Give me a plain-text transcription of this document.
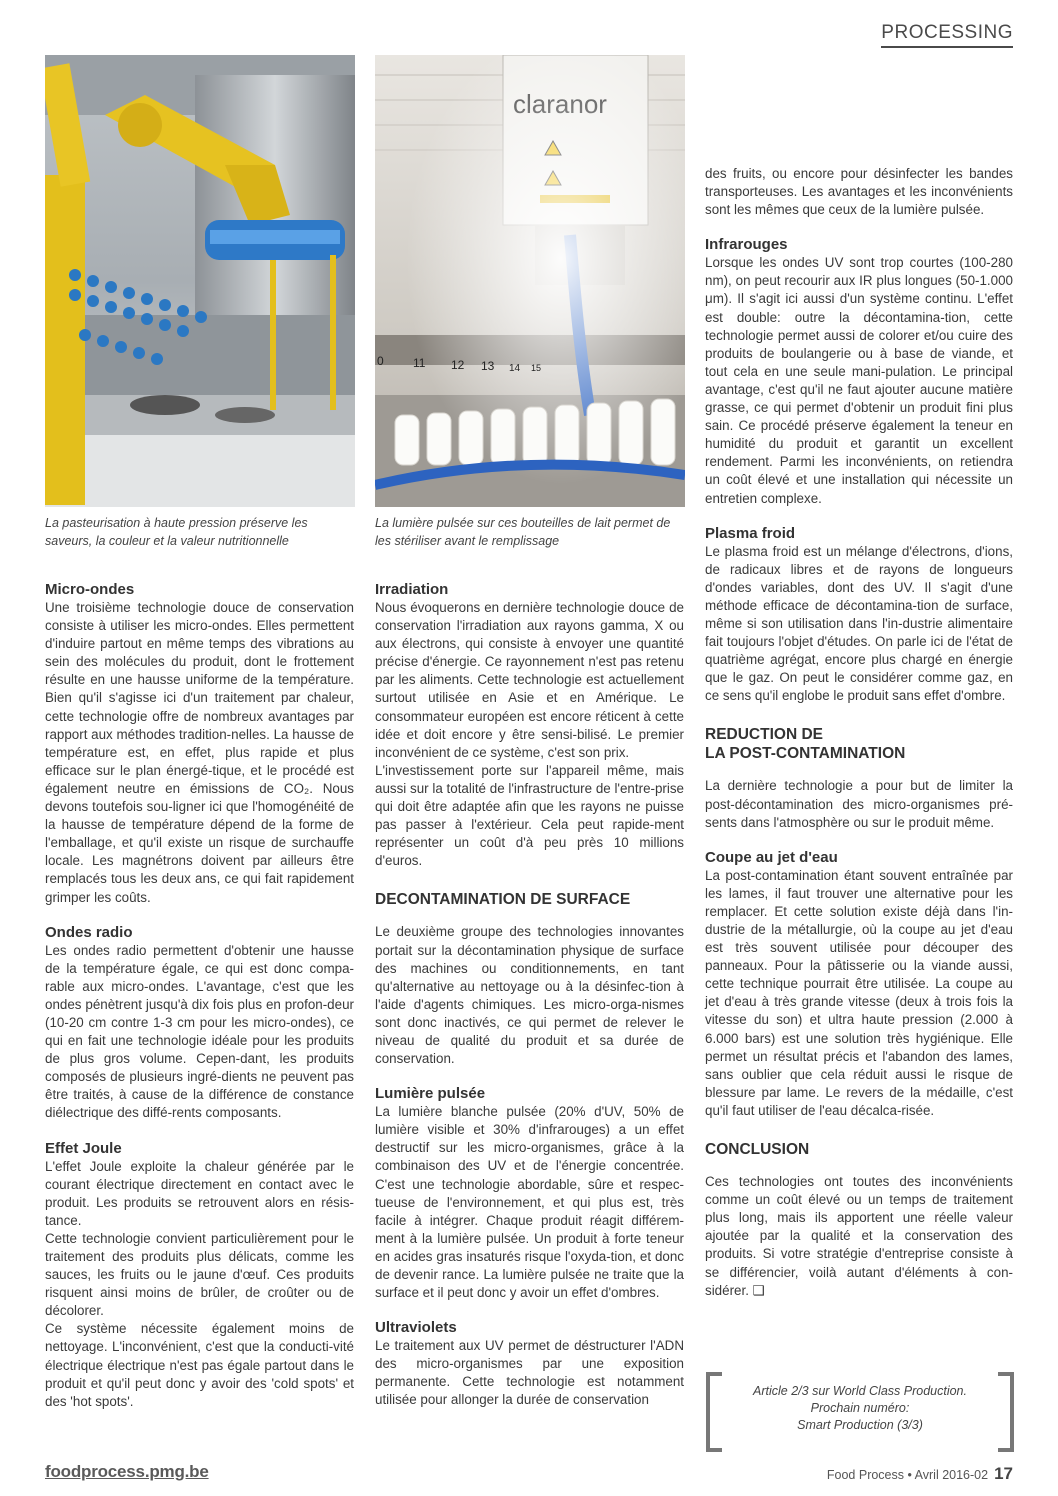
PROCESSING
0 11 12 13 14 15
La pasteurisation à haute pression préserve les saveurs, la couleur et la valeur nutritionnelle
La lumière pulsée sur ces bouteilles de lait permet de les stériliser avant le remplissage
Micro-ondes

Une troisième technologie douce de conservation consiste à utiliser les micro-ondes. Elles permettent d'induire partout en même temps des vibrations au sein des molécules du produit, dont le frottement résulte en une hausse uniforme de la température. Bien qu'il s'agisse ici d'un traitement par chaleur, cette technologie offre de nombreux avantages par rapport aux méthodes tradition-nelles. La hausse de température est, en effet, plus rapide et plus efficace sur le plan énergé-tique, et le procédé est également neutre en émissions de CO₂. Nous devons toutefois sou-ligner ici que l'homogénéité de la hausse de température dépend de la forme de l'emballage, et qu'il existe un risque de surchauffe locale. Les magnétrons doivent par ailleurs être remplacés tous les deux ans, ce qui fait rapidement grimper les coûts.

Ondes radio

Les ondes radio permettent d'obtenir une hausse de la température égale, ce qui est donc compa-rable aux micro-ondes. L'avantage, c'est que les ondes pénètrent jusqu'à dix fois plus en profon-deur (10-20 cm contre 1-3 cm pour les micro-ondes), ce qui en fait une technologie idéale pour les produits de plus gros volume. Cepen-dant, les produits composés de plusieurs ingré-dients ne peuvent pas être traités, à cause de la différence de constance diélectrique des diffé-rents composants.

Effet Joule

L'effet Joule exploite la chaleur générée par le courant électrique directement en contact avec le produit. Les produits se retrouvent alors en résis-tance.

Cette technologie convient particulièrement pour le traitement des produits plus délicats, comme les sauces, les fruits ou le jaune d'œuf. Ces produits risquent ainsi moins de brûler, de croûter ou de décolorer.

Ce système nécessite également moins de nettoyage. L'inconvénient, c'est que la conducti-vité électrique électrique n'est pas égale partout dans le produit et qu'il peut donc y avoir des 'cold spots' et des 'hot spots'.

Irradiation

Nous évoquerons en dernière technologie douce de conservation l'irradiation aux rayons gamma, X ou aux électrons, qui consiste à envoyer une quantité précise d'énergie. Ce rayonnement n'est pas retenu par les aliments. Cette technologie est actuellement surtout utilisée en Asie et en Amérique. Le consommateur européen est encore réticent à cette idée et doit encore y être sensi-bilisé. Le premier inconvénient de ce système, c'est son prix.

L'investissement porte sur l'appareil même, mais aussi sur la totalité de l'infrastructure de l'entre-prise qui doit être adaptée afin que les rayons ne puisse pas passer à l'extérieur. Cela peut rapide-ment représenter un coût d'à peu près 10 millions d'euros.

DECONTAMINATION DE SURFACE

Le deuxième groupe des technologies innovantes portait sur la décontamination physique de surface des machines ou conditionnements, en tant qu'alternative au nettoyage ou à la désinfec-tion à l'aide d'agents chimiques. Les micro-orga-nismes sont donc inactivés, ce qui permet de relever le niveau de qualité du produit et sa durée de conservation.

Lumière pulsée

La lumière blanche pulsée (20% d'UV, 50% de lumière visible et 30% d'infrarouges) a un effet destructif sur les micro-organismes, grâce à la combinaison des UV et de l'énergie concentrée. C'est une technologie abordable, sûre et respec-tueuse de l'environnement, et qui plus est, très facile à intégrer. Chaque produit réagit différem-ment à la lumière pulsée. Un produit à forte teneur en acides gras insaturés risque l'oxyda-tion, et donc de devenir rance. La lumière pulsée ne traite que la surface et il peut donc y avoir un effet d'ombres.

Ultraviolets

Le traitement aux UV permet de déstructurer l'ADN des micro-organismes par une exposition permanente. Cette technologie est notamment utilisée pour allonger la durée de conservation

des fruits, ou encore pour désinfecter les bandes transporteuses. Les avantages et les inconvénients sont les mêmes que ceux de la lumière pulsée.

Infrarouges

Lorsque les ondes UV sont trop courtes (100-280 nm), on peut recourir aux IR plus longues (50-1.000 μm). Il s'agit ici aussi d'un système continu. L'effet est double: outre la décontamina-tion, cette technologie permet aussi de colorer et/ou cuire des produits de boulangerie ou à base de viande, et tout cela en une seule mani-pulation. Le principal avantage, c'est qu'il ne faut ajouter aucune matière grasse, ce qui permet d'obtenir un produit fini plus sain. Ce procédé préserve également la teneur en humidité du produit et garantit un excellent rendement. Parmi les inconvénients, on retiendra un coût élevé et une installation qui nécessite un entretien complexe.

Plasma froid

Le plasma froid est un mélange d'électrons, d'ions, de radicaux libres et de rayons de longueurs d'ondes variables, dont des UV. Il s'agit d'une méthode efficace de décontamina-tion de surface, même si son utilisation dans l'in-dustrie alimentaire fait toujours l'objet d'études. On parle ici de l'état de quatrième agrégat, encore plus chargé en énergie que le gaz. On peut le considérer comme gaz, en ce sens qu'il englobe le produit sans effet d'ombre.

REDUCTION DE
LA POST-CONTAMINATION

La dernière technologie a pour but de limiter la post-décontamination des micro-organismes pré-sents dans l'atmosphère ou sur le produit même.

Coupe au jet d'eau

La post-contamination étant souvent entraînée par les lames, il faut trouver une alternative pour les remplacer. Et cette solution existe déjà dans l'in-dustrie de la métallurgie, où la coupe au jet d'eau est très souvent utilisée pour découper des panneaux. Pour la pâtisserie ou la viande aussi, cette technique pourrait être utilisée. La coupe au jet d'eau à très grande vitesse (deux à trois fois la vitesse du son) et ultra haute pression (2.000 à 6.000 bars) est une solution très hygiénique. Elle permet un résultat précis et l'abandon des lames, sans oublier que cela réduit aussi le risque de blessure par lame. Le revers de la médaille, c'est qu'il faut utiliser de l'eau décalca-risée.

CONCLUSION

Ces technologies ont toutes des inconvénients comme un coût élevé ou un temps de traitement plus long, mais ils apportent une réelle valeur ajoutée par la qualité et la conservation des produits. Si votre stratégie d'entreprise consiste à se différencier, voilà autant d'éléments à con-sidérer. ❑

Article 2/3 sur World Class Production.
Prochain numéro:
Smart Production (3/3)
foodprocess.pmg.be	Food Process • Avril 2016-02 17
